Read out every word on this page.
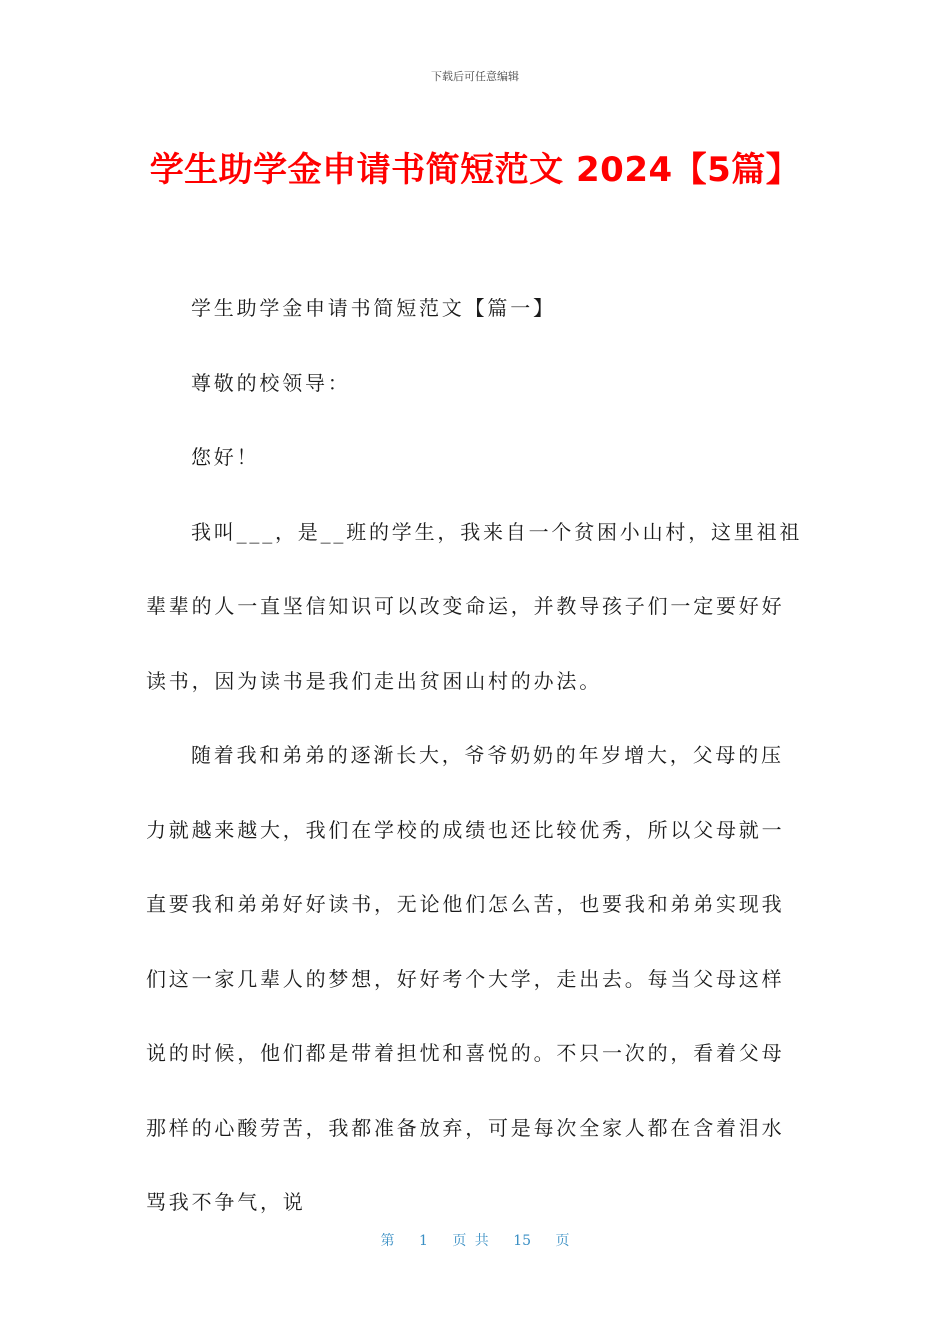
下载后可任意编辑
学生助学金申请书简短范文 2024【5篇】

学生助学金申请书简短范文【篇一】

尊敬的校领导：

您好！

我叫___，是__班的学生，我来自一个贫困小山村，这里祖祖辈辈的人一直坚信知识可以改变命运，并教导孩子们一定要好好读书，因为读书是我们走出贫困山村的办法。

随着我和弟弟的逐渐长大，爷爷奶奶的年岁增大，父母的压力就越来越大，我们在学校的成绩也还比较优秀，所以父母就一直要我和弟弟好好读书，无论他们怎么苦，也要我和弟弟实现我们这一家几辈人的梦想，好好考个大学，走出去。每当父母这样说的时候，他们都是带着担忧和喜悦的。不只一次的，看着父母那样的心酸劳苦，我都准备放弃，可是每次全家人都在含着泪水骂我不争气，说

第 1 页 共 15 页
